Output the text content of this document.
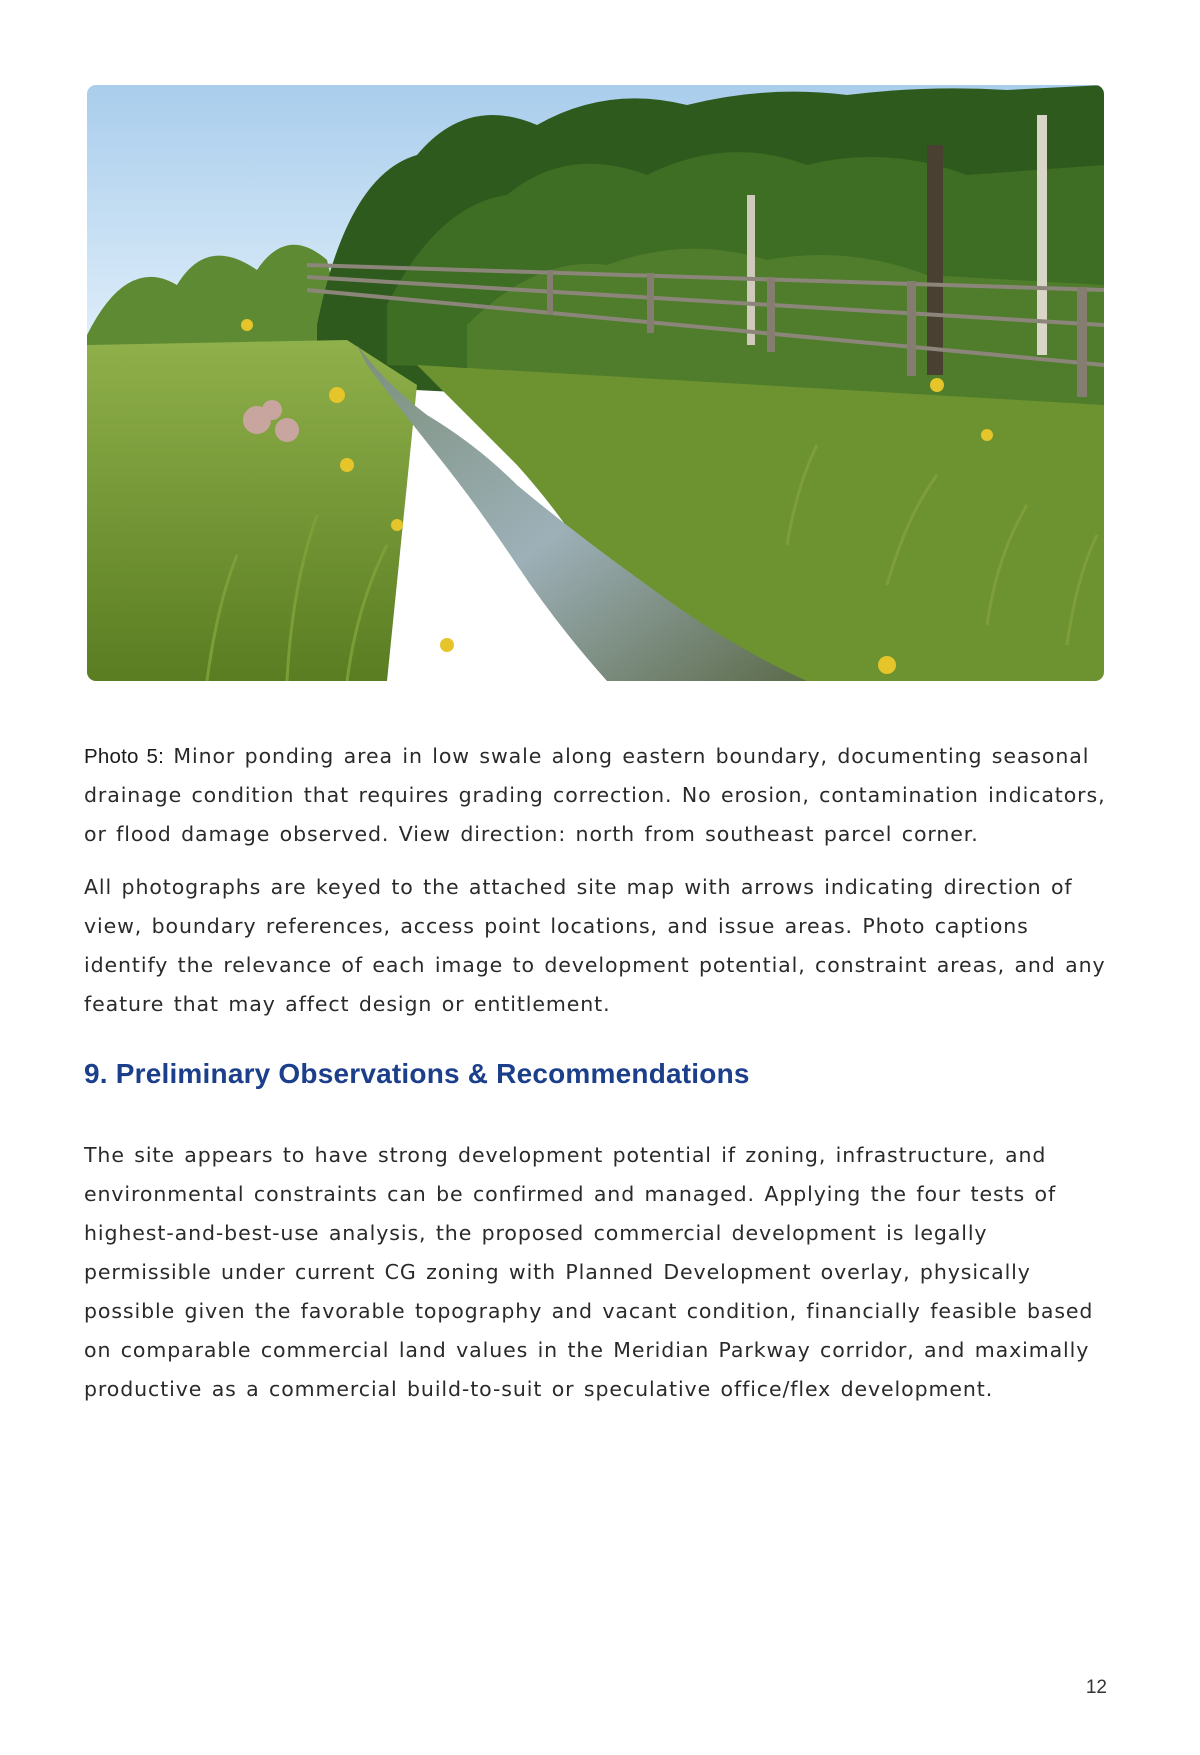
Photo 5: Minor ponding area in low swale along eastern boundary, documenting seasonal drainage condition that requires grading correction. No erosion, contamination indicators, or flood damage observed. View direction: north from southeast parcel corner.
All photographs are keyed to the attached site map with arrows indicating direction of view, boundary references, access point locations, and issue areas. Photo captions identify the relevance of each image to development potential, constraint areas, and any feature that may affect design or entitlement.
9. Preliminary Observations & Recommendations
The site appears to have strong development potential if zoning, infrastructure, and environmental constraints can be confirmed and managed. Applying the four tests of highest-and-best-use analysis, the proposed commercial development is legally permissible under current CG zoning with Planned Development overlay, physically possible given the favorable topography and vacant condition, financially feasible based on comparable commercial land values in the Meridian Parkway corridor, and maximally productive as a commercial build-to-suit or speculative office/flex development.
12
